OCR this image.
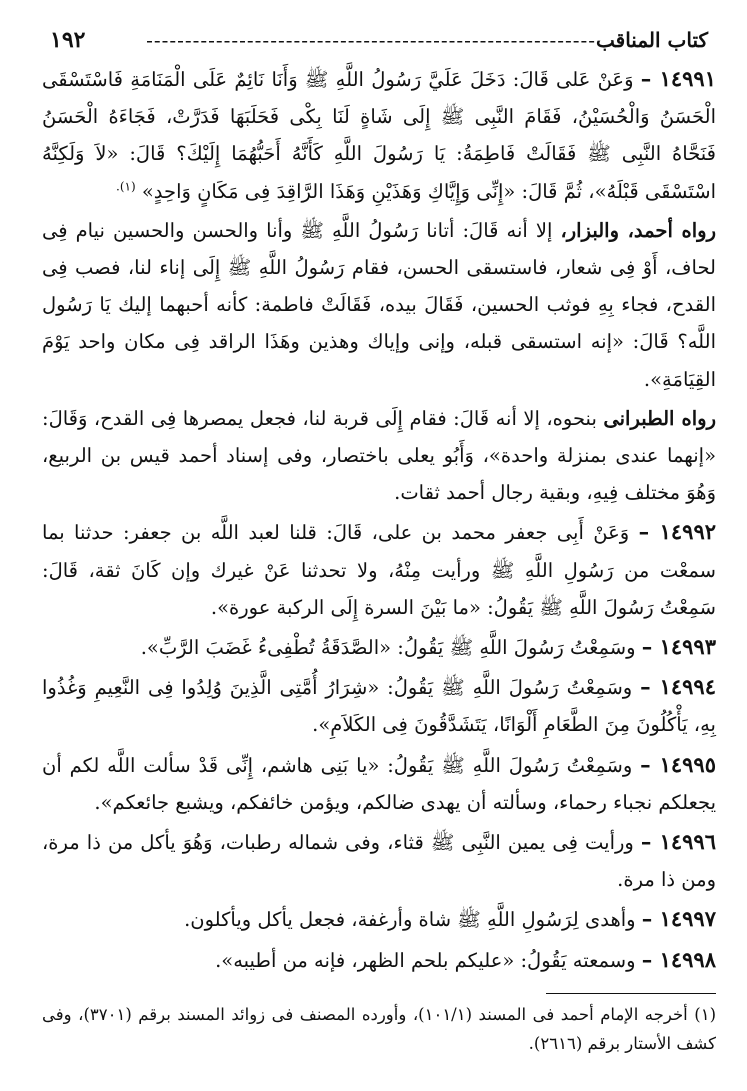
كتاب المناقب
----------------------------------------------------------
١٩٢

١٤٩٩١ – وَعَنْ عَلى قَالَ: دَخَلَ عَلَيَّ رَسُولُ اللَّهِ ﷺ وَأَنَا نَائِمٌ عَلَى الْمَنَامَةِ فَاسْتَسْقَى الْحَسَنُ وَالْحُسَيْنُ، فَقَامَ النَّبِى ﷺ إِلَى شَاةٍ لَنَا بِكْى فَحَلَبَهَا فَدَرَّتْ، فَجَاءَهُ الْحَسَنُ فَنَحَّاهُ النَّبِى ﷺ فَقَالَتْ فَاطِمَةُ: يَا رَسُولَ اللَّهِ كَأَنَّهُ أَحَبُّهُمَا إِلَيْكَ؟ قَالَ: «لاَ وَلَكِنَّهُ اسْتَسْقَى قَبْلَهُ»، ثُمَّ قَالَ: «إِنِّى وَإِيَّاكِ وَهَذَيْنِ وَهَذَا الرَّاقِدَ فِى مَكَانٍ وَاحِدٍ» $^{(١).}$

رواه أحمد، والبزار، إلا أنه قَالَ: أتانا رَسُولُ اللَّهِ ﷺ وأنا والحسن والحسين نيام فِى لحاف، أَوْ فِى شعار، فاستسقى الحسن، فقام رَسُولُ اللَّهِ ﷺ إِلَى إناء لنا، فصب فِى القدح، فجاء بِهِ فوثب الحسين، فَقَالَ بيده، فَقَالَتْ فاطمة: كأنه أحبهما إليك يَا رَسُول اللَّه؟ قَالَ: «إنه استسقى قبله، وإنى وإياك وهذين وهَذَا الراقد فِى مكان واحد يَوْمَ القِيَامَةِ».

رواه الطبرانى بنحوه، إلا أنه قَالَ: فقام إِلَى قربة لنا، فجعل يمصرها فِى القدح، وَقَالَ: «إنهما عندى بمنزلة واحدة»، وَأَبُو يعلى باختصار، وفى إسناد أحمد قيس بن الربيع، وَهُوَ مختلف فِيهِ، وبقية رجال أحمد ثقات.

١٤٩٩٢ – وَعَنْ أَبِى جعفر محمد بن على، قَالَ: قلنا لعبد اللَّه بن جعفر: حدثنا بما سمعْت من رَسُولِ اللَّهِ ﷺ ورأيت مِنْهُ، ولا تحدثنا عَنْ غيرك وإن كَانَ ثقة، قَالَ: سَمِعْتُ رَسُولَ اللَّهِ ﷺ يَقُولُ: «ما بَيْنَ السرة إِلَى الركبة عورة».

١٤٩٩٣ – وسَمِعْتُ رَسُولَ اللَّهِ ﷺ يَقُولُ: «الصَّدَقَةُ تُطْفِىءُ غَضَبَ الرَّبِّ».

١٤٩٩٤ – وسَمِعْتُ رَسُولَ اللَّهِ ﷺ يَقُولُ: «شِرَارُ أُمَّتِى الَّذِينَ وُلِدُوا فِى النَّعِيمِ وَغُذُوا بِهِ، يَأْكُلُونَ مِنَ الطَّعَامِ أَلْوَانًا، يَتَشَدَّقُونَ فِى الكَلاَمِ».

١٤٩٩٥ – وسَمِعْتُ رَسُولَ اللَّهِ ﷺ يَقُولُ: «يا بَنِى هاشم، إِنِّى قَدْ سألت اللَّه لكم أن يجعلكم نجباء رحماء، وسألته أن يهدى ضالكم، ويؤمن خائفكم، ويشبع جائعكم».

١٤٩٩٦ – ورأيت فِى يمين النَّبِى ﷺ قثاء، وفى شماله رطبات، وَهُوَ يأكل من ذا مرة، ومن ذا مرة.

١٤٩٩٧ – وأهدى لِرَسُولِ اللَّهِ ﷺ شاة وأرغفة، فجعل يأكل ويأكلون.

١٤٩٩٨ – وسمعته يَقُولُ: «عليكم بلحم الظهر، فإنه من أطيبه».

(١) أخرجه الإمام أحمد فى المسند (١٠١/١)، وأورده المصنف فى زوائد المسند برقم (٣٧٠١)، وفى كشف الأستار برقم (٢٦١٦).
